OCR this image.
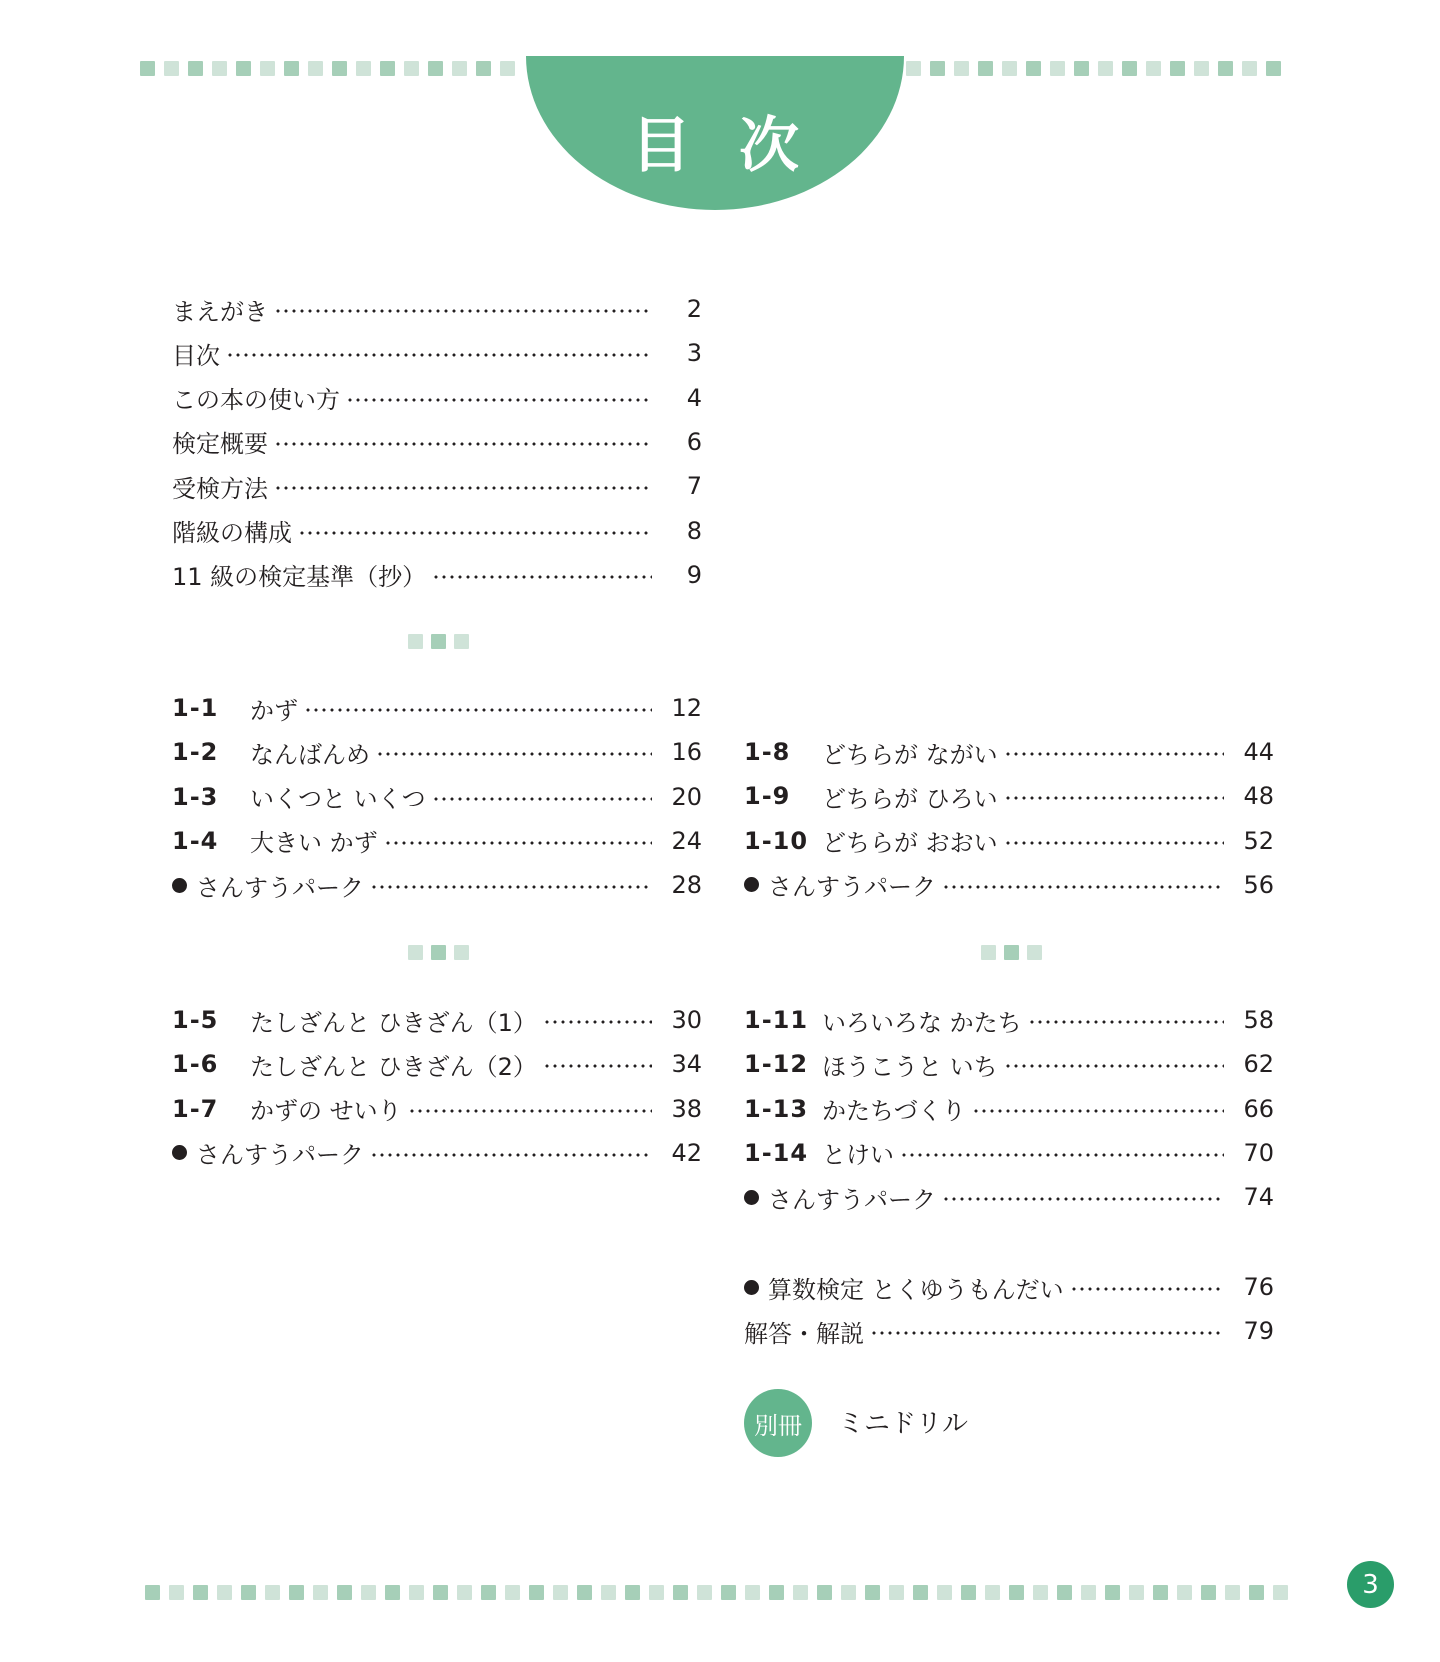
目次
まえがき	2
目次	3
この本の使い方	4
検定概要	6
受検方法	7
階級の構成	8
11 級の検定基準（抄）	9
1-1	かず	12
1-2	なんばんめ	16
1-3	いくつと いくつ	20
1-4	大きい かず	24
さんすうパーク	28
1-8	どちらが ながい	44
1-9	どちらが ひろい	48
1-10 どちらが おおい	52
さんすうパーク	56
1-5	たしざんと ひきざん（1）	30
1-6	たしざんと ひきざん（2）	34
1-7	かずの せいり	38
さんすうパーク	42
1-11 いろいろな かたち	58
1-12 ほうこうと いち	62
1-13 かたちづくり	66
1-14 とけい	70
さんすうパーク	74
算数検定 とくゆうもんだい	76
解答・解説	79
別冊	ミニドリル
3
